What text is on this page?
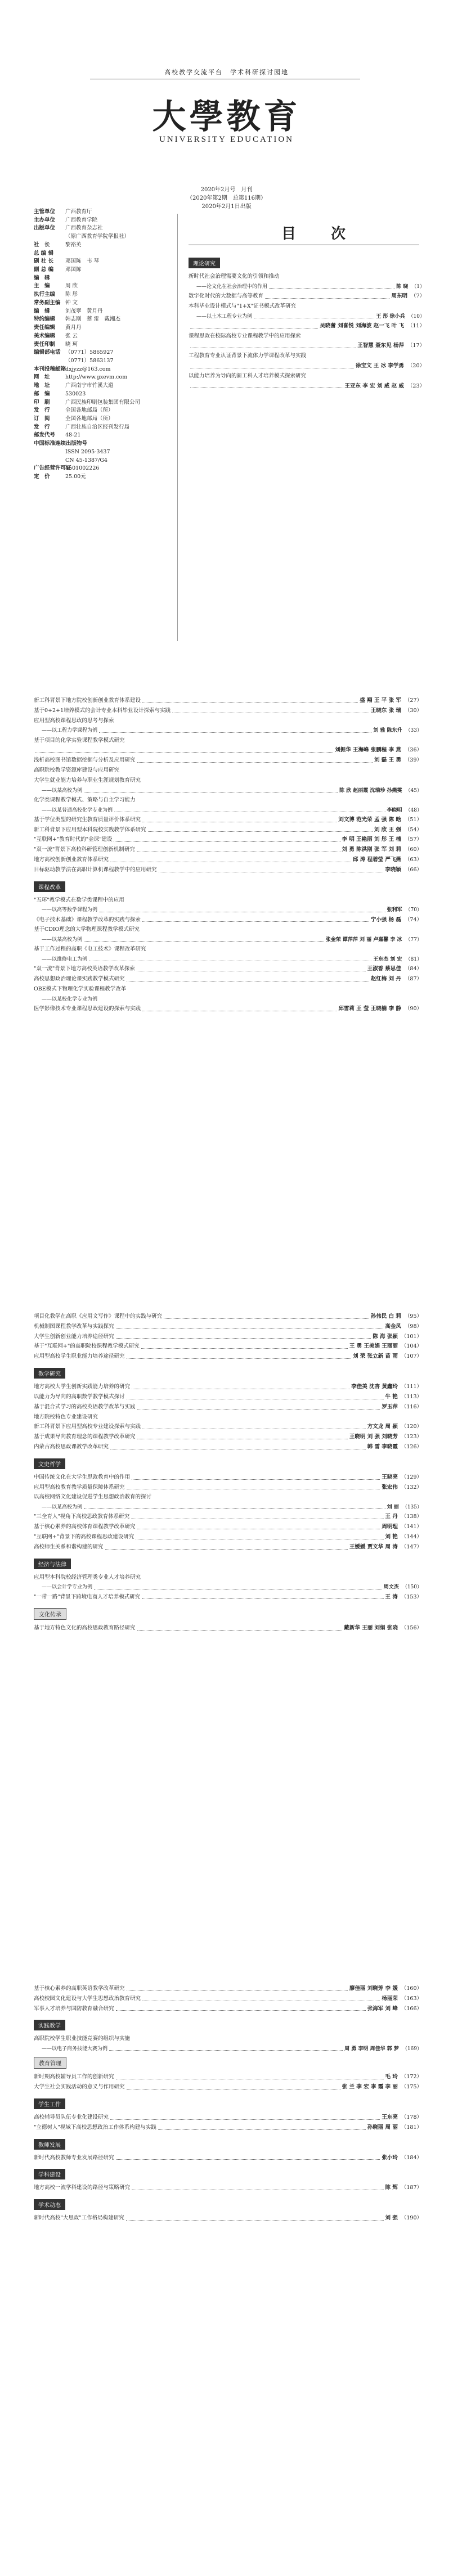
高校教学交流平台　学术科研探讨园地
大學教育
UNIVERSITY EDUCATION
2020年2月号　月刊
（2020年第2期　总第116期）
2020年2月1日出版
主管单位	广西教育厅
主办单位	广西教育学院
出版单位	广西教育杂志社
（原广西教育学院学报社）
社　长	黎裕英
总 编 辑
副 社 长	邓国陈　韦 琴
副 总 编	邓国陈
编　辑
主　编	周 欣
执行主编	陈 彤
常务副主编 钟 文
编　辑	刘茂翠　黄月丹
特约编辑	韩志刚　蔡 雷　戴湘杰
责任编辑	黄月丹
美术编辑	张 云
责任印制	晓 珂
编辑部电话 （0771）5865927
（0771）5863137
本刊投稿邮箱
dxjyzz@163.com
网　址	http://www.gxevm.com
地　址	广西南宁市竹溪大道
邮　编	530023
印　刷	广西民族印刷包装集团有限公司
发　行	全国各地邮局（所）
订　阅	全国各地邮局（所）
发　行	广西壮族自治区报刊发行局
邮发代号	48-21
中国标准连续出版物号
ISSN 2095-3437
CN 45-1387/G4
广告经营许可证
4501002226
定　价	25.00元
目　次
理论研究
新时代社会治理需要文化的引领和推动
——论文化在社会治理中的作用	陈 晓 （1）
数字化时代的大数据与高等教育	周东明 （7）
本科毕业设计模式与"1+X"证书模式改革研究
——以土木工程专业为例	王 彤 徐小兵 （10）
吴晓蕾 刘喜悦 刘海波 赵一飞 叶 飞 （11）
课程思政在校际高校专业课程教学中的应用探索
王智慧 聂东见 杨萍 （17）
工程教育专业认证背景下流体力学课程改革与实践
徐宝文 王 冰 李学勇 （20）
以能力培养为导向的新工科人才培养模式探索研究
王亚东 李 宏 刘 威 赵 威 （23）
新工科背景下地方院校创新创业教育体系建设	盛 翔 王 平 张 军 （27）
基于0+2+1培养模式的会计专业本科毕业设计探索与实践	王晓东 张 瑞 （30）
应用型高校课程思政的思考与探索
——以工程力学课程为例	刘 雅 陈东升 （33）
基于项目的化学实验课程教学模式研究
刘振华 王海峰 张鹏程 李 燕 （36）
浅析高校图书馆数据挖掘与分析及应用研究	刘 磊 王 勇 （39）
高职院校教学资源库建设与应用研究
大学生就业能力培养与职业生涯规划教育研究
——以某高校为例	陈 欣 赵丽霞 沈瑞珍 孙燕雯 （45）
化学类课程教学模式、策略与自主学习能力
——以某普通高校化学专业为例	李晓明 （48）
基于学位类型的研究生教育质量评价体系研究	刘文博 范光荣 孟 强 陈 晗 （51）
新工科背景下应用型本科院校实践教学体系研究	刘 欣 王 强 （54）
"互联网+"教育时代的"金课"建设	李 明 王艳丽 刘 彤 王 楠 （57）
"双一流"背景下高校科研管理创新机制研究	刘 勇 陈洪刚 张 军 刘 莉 （60）
地方高校创新创业教育体系研究	邱 涛 程碧莹 严飞燕 （63）
目标驱动教学法在高职计算机课程教学中的应用研究	李晓颖 （66）
课程改革
"五环"教学模式在数学类课程中的应用
——以高等数学课程为例	张利军 （70）
《电子技术基础》课程教学改革的实践与探索	宁小强 杨 磊 （74）
基于CDIO理念的大学物理课程教学模式研究
——以某高校为例	张金荣 谭萍萍 刘 丽 卢嘉馨 李 冰 （77）
基于工作过程的高职《电工技术》课程改革研究
——以维修电工为例	王东杰 刘 宏 （81）
"双一流"背景下地方高校英语教学改革探索	王淑香 蔡思佳 （84）
高校思想政治理论课实践教学模式研究	赵红梅 刘 丹 （87）
OBE模式下物理化学实验课程教学改革
——以某校化学专业为例
医学影像技术专业课程思政建设的探索与实践	邱雪莉 王 莹 王晓楠 李 静 （90）
项目化教学在高职《应用文写作》课程中的实践与研究	孙伟民 白 莉 （95）
机械制图课程教学改革与实践探究	高金凤 （98）
大学生创新创业能力培养途径研究	陈 海 张颖 （101）
基于"互联网+"的高职院校课程教学模式研究	王 勇 王美娟 王丽丽 （104）
应用型高校学生职业能力培养途径研究	刘 荣 张立新 苗 雨 （107）
教学研究
地方高校大学生创新实践能力培养的研究	李佳美 沈杏 黄鑫玲 （111）
以能力为导向的高职数学教学模式探讨	牛 艳 （113）
基于混合式学习的高校英语教学改革与实践	罗玉萍 （116）
地方院校特色专业建设研究
新工科背景下应用型高校专业建设探索与实践	方文龙 周 颖 （120）
基于成果导向教育理念的课程教学改革研究	王晓明 刘 强 刘晓芳 （123）
内蒙古高校思政课教学改革研究	韩 雪 李晓霞 （126）
文史哲学
中国传统文化在大学生思政教育中的作用	王晓亮 （129）
应用型高校教育教学质量保障体系研究	张宏伟 （132）
以高校网络文化建设促进学生思想政治教育的探讨
——以某高校为例	刘 丽 （135）
"三全育人"视角下高校思政教育体系研究	王 丹 （138）
基于核心素养的高校体育课程教学改革研究	周明理 （141）
"互联网+"背景下的高校课程思政建设研究	刘 艳 （144）
高校师生关系和谐构建的研究	王媛媛 贾文华 周 涛 （147）
经济与法律
应用型本科院校经济管理类专业人才培养研究
——以会计学专业为例	周文杰 （150）
"一带一路"背景下跨境电商人才培养模式研究	王 涛 （153）
文化传承
基于地方特色文化的高校思政教育路径研究	戴新华 王丽 刘娟 张晓 （156）
基于核心素养的高职英语教学改革研究	廖佳丽 刘晓芳 李 媛 （160）
高校校园文化建设与大学生思想政治教育研究	杨丽荣 （163）
军事人才培养与国防教育融合研究	张海军 刘 峰 （166）
实践教学
高职院校学生职业技能竞赛的组织与实施
——以电子商务技能大赛为例	周 勇 李明 周佳华 郭 梦 （169）
教育管理
新时期高校辅导员工作的创新研究	毛 玲 （172）
大学生社会实践活动的意义与作用研究	张 兰 李 宏 李 霞 李 丽 （175）
学生工作
高校辅导员队伍专业化建设研究	王东亮 （178）
"立德树人"视域下高校思想政治工作体系构建与实践	孙晓丽 周 丽 （181）
教师发展
新时代高校教师专业发展路径研究	张小玲 （184）
学科建设
地方高校一流学科建设的路径与策略研究	陈 辉 （187）
学术动态
新时代高校"大思政"工作格局构建研究	刘 强 （190）
